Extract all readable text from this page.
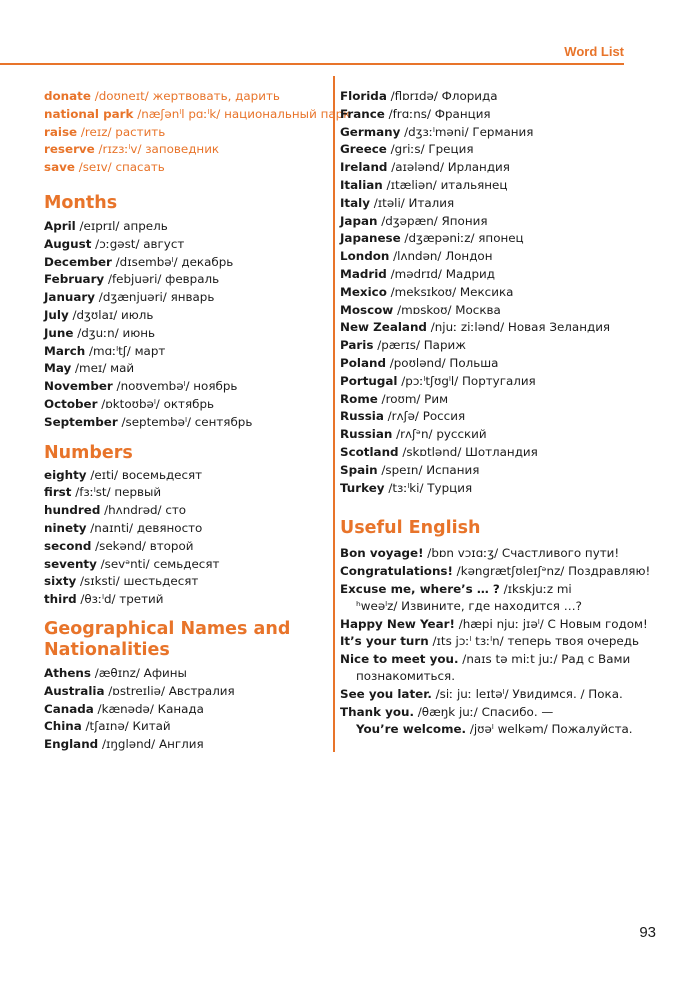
Word List
donate /doʊneɪt/ жертвовать, дарить
national park /næʃənˡl pɑːˡk/ национальный парк
raise /reɪz/ растить
reserve /rɪzɜːˡv/ заповедник
save /seɪv/ спасать
Months
April /eɪprɪl/ апрель
August /ɔːgəst/ август
December /dɪsembəˡ/ декабрь
February /febjuəri/ февраль
January /dʒænjuəri/ январь
July /dʒʊlaɪ/ июль
June /dʒuːn/ июнь
March /mɑːˡtʃ/ март
May /meɪ/ май
November /noʊvembəˡ/ ноябрь
October /ɒktoʊbəˡ/ октябрь
September /septembəˡ/ сентябрь
Numbers
eighty /eɪti/ восемьдесят
first /fɜːˡst/ первый
hundred /hʌndrəd/ сто
ninety /naɪnti/ девяносто
second /sekənd/ второй
seventy /sevᵊnti/ семьдесят
sixty /sɪksti/ шестьдесят
third /θɜːˡd/ третий
Geographical Names and
Nationalities
Athens /æθɪnz/ Афины
Australia /ɒstreɪliə/ Австралия
Canada /kænədə/ Канада
China /tʃaɪnə/ Китай
England /ɪŋglənd/ Англия
Florida /flɒrɪdə/ Флорида
France /frɑːns/ Франция
Germany /dʒɜːˡməni/ Германия
Greece /griːs/ Греция
Ireland /aɪələnd/ Ирландия
Italian /ɪtæliən/ итальянец
Italy /ɪtəli/ Италия
Japan /dʒəpæn/ Япония
Japanese /dʒæpəniːz/ японец
London /lʌndən/ Лондон
Madrid /mədrɪd/ Мадрид
Mexico /meksɪkoʊ/ Мексика
Moscow /mɒskoʊ/ Москва
New Zealand /njuː ziːlənd/ Новая Зеландия
Paris /pærɪs/ Париж
Poland /poʊlənd/ Польша
Portugal /pɔːˡtʃʊgˡl/ Португалия
Rome /roʊm/ Рим
Russia /rʌʃə/ Россия
Russian /rʌʃᵊn/ русский
Scotland /skɒtlənd/ Шотландия
Spain /speɪn/ Испания
Turkey /tɜːˡki/ Турция
Useful English
Bon voyage! /bɒn vɔɪɑːʒ/ Счастливого пути!
Congratulations! /kəngrætʃʊleɪʃᵊnz/ Поздравляю!
Excuse me, where’s … ? /ɪkskjuːz mi
ʰweəˡz/ Извините, где находится …?
Happy New Year! /hæpi njuː jɪəˡ/ С Новым годом!
It’s your turn /ɪts jɔːˡ tɜːˡn/ теперь твоя очередь
Nice to meet you. /naɪs tə miːt juː/ Рад с Вами
познакомиться.
See you later. /siː juː leɪtəˡ/ Увидимся. / Пока.
Thank you. /θæŋk juː/ Спасибо. —
You’re welcome. /jʊəˡ welkəm/ Пожалуйста.
93
